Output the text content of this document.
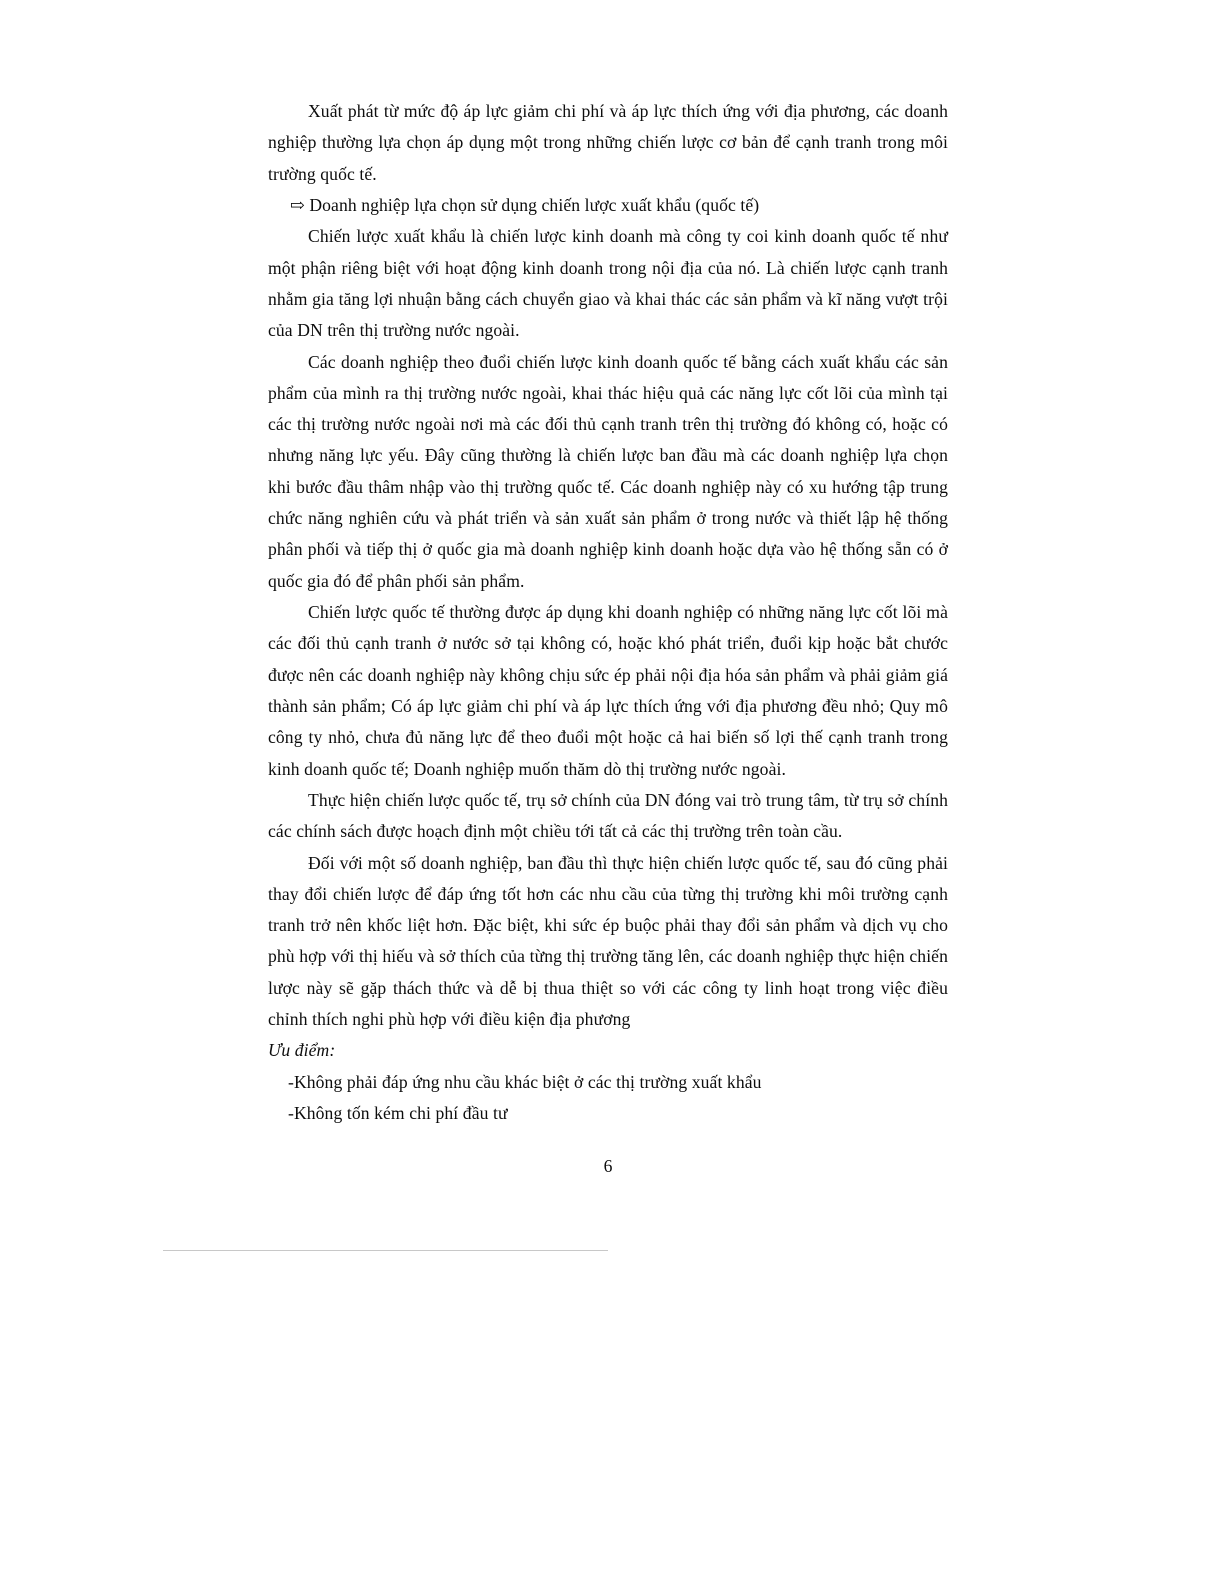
Xuất phát từ mức độ áp lực giảm chi phí và áp lực thích ứng với địa phương, các doanh nghiệp thường lựa chọn áp dụng một trong những chiến lược cơ bản để cạnh tranh trong môi trường quốc tế.

⇨ Doanh nghiệp lựa chọn sử dụng chiến lược xuất khẩu (quốc tế)

Chiến lược xuất khẩu là chiến lược kinh doanh mà công ty coi kinh doanh quốc tế như một phận riêng biệt với hoạt động kinh doanh trong nội địa của nó. Là chiến lược cạnh tranh nhằm gia tăng lợi nhuận bằng cách chuyển giao và khai thác các sản phẩm và kĩ năng vượt trội của DN trên thị trường nước ngoài.

Các doanh nghiệp theo đuổi chiến lược kinh doanh quốc tế bằng cách xuất khẩu các sản phẩm của mình ra thị trường nước ngoài, khai thác hiệu quả các năng lực cốt lõi của mình tại các thị trường nước ngoài nơi mà các đối thủ cạnh tranh trên thị trường đó không có, hoặc có nhưng năng lực yếu. Đây cũng thường là chiến lược ban đầu mà các doanh nghiệp lựa chọn khi bước đầu thâm nhập vào thị trường quốc tế. Các doanh nghiệp này có xu hướng tập trung chức năng nghiên cứu và phát triển và sản xuất sản phẩm ở trong nước và thiết lập hệ thống phân phối và tiếp thị ở quốc gia mà doanh nghiệp kinh doanh hoặc dựa vào hệ thống sẵn có ở quốc gia đó để phân phối sản phẩm.

Chiến lược quốc tế thường được áp dụng khi doanh nghiệp có những năng lực cốt lõi mà các đối thủ cạnh tranh ở nước sở tại không có, hoặc khó phát triển, đuổi kịp hoặc bắt chước được nên các doanh nghiệp này không chịu sức ép phải nội địa hóa sản phẩm và phải giảm giá thành sản phẩm; Có áp lực giảm chi phí và áp lực thích ứng với địa phương đều nhỏ; Quy mô công ty nhỏ, chưa đủ năng lực để theo đuổi một hoặc cả hai biến số lợi thế cạnh tranh trong kinh doanh quốc tế; Doanh nghiệp muốn thăm dò thị trường nước ngoài.

Thực hiện chiến lược quốc tế, trụ sở chính của DN đóng vai trò trung tâm, từ trụ sở chính các chính sách được hoạch định một chiều tới tất cả các thị trường trên toàn cầu.

Đối với một số doanh nghiệp, ban đầu thì thực hiện chiến lược quốc tế, sau đó cũng phải thay đổi chiến lược để đáp ứng tốt hơn các nhu cầu của từng thị trường khi môi trường cạnh tranh trở nên khốc liệt hơn. Đặc biệt, khi sức ép buộc phải thay đổi sản phẩm và dịch vụ cho phù hợp với thị hiếu và sở thích của từng thị trường tăng lên, các doanh nghiệp thực hiện chiến lược này sẽ gặp thách thức và dễ bị thua thiệt so với các công ty linh hoạt trong việc điều chỉnh thích nghi phù hợp với điều kiện địa phương

Ưu điểm:

-Không phải đáp ứng nhu cầu khác biệt ở các thị trường xuất khẩu

-Không tốn kém chi phí đầu tư

6
